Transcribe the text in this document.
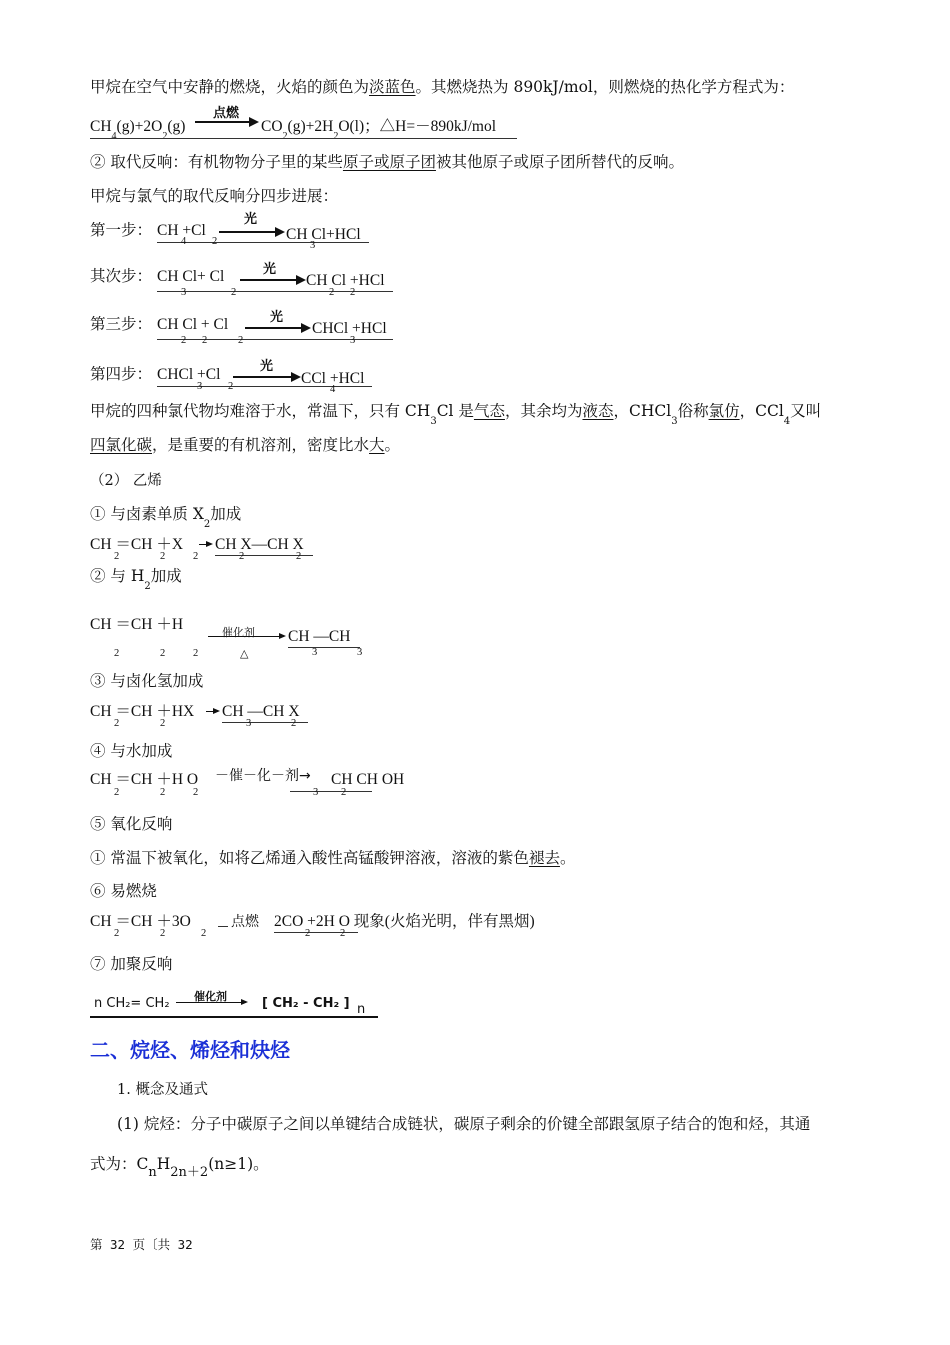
甲烷在空气中安静的燃烧，火焰的颜色为淡蓝色。其燃烧热为 890kJ/mol，则燃烧的热化学方程式为：
$CH_4(g)+2O_2(g)$
点燃
→ $CO_2(g)+2H_2O(l)$；△H=－890kJ/mol
② 取代反响：有机物物分子里的某些原子或原子团被其他原子或原子团所替代的反响。
甲烷与氯气的取代反响分四步进展：
第一步： CH +Cl
光
→ CH Cl+HCl
4 2	3
其次步： CH Cl+ Cl	光
→ CH Cl +HCl
3	2	2 2
第三步： CH Cl + Cl	光
→ CHCl +HCl
2 2	2	3
第四步： CHCl +Cl	光
CCl +HCl
3 2	4
甲烷的四种氯代物均难溶于水，常温下，只有 $CH_3Cl$ 是气态，其余均为液态，CHCl$_3$俗称氯仿，CCl$_4$又叫
四氯化碳，是重要的有机溶剂，密度比水大。
（2） 乙烯
① 与卤素单质 $X_2$加成
CH ＝CH ＋X CH X—CH X
2	2	2	2	2
② 与 $H_2$加成
CH ＝CH ＋H
2	2	2
催化剂
△
CH —CH
3	3
③ 与卤化氢加成
CH ＝CH ＋HX CH —CH X
2	2	3	2
④ 与水加成
CH ＝CH ＋H O
2	2	2
－催－化－剂→ CH CH OH
3 2
⑤ 氧化反响
① 常温下被氧化，如将乙烯通入酸性高锰酸钾溶液，溶液的紫色褪去。
⑥ 易燃烧
CH ＝CH ＋3O
2	2	2
点燃 2CO +2H O 现象(火焰光明，伴有黑烟)
2	2
⑦ 加聚反响
n CH₂= CH₂ 催化剂	[ CH₂ - CH₂ ] n
二、烷烃、烯烃和炔烃
1. 概念及通式
(1) 烷烃：分子中碳原子之间以单键结合成链状，碳原子剩余的价键全部跟氢原子结合的饱和烃，其通
式为：$C_nH_{2n+2}(n\ge 1)$。
第 32 页〔共 32
